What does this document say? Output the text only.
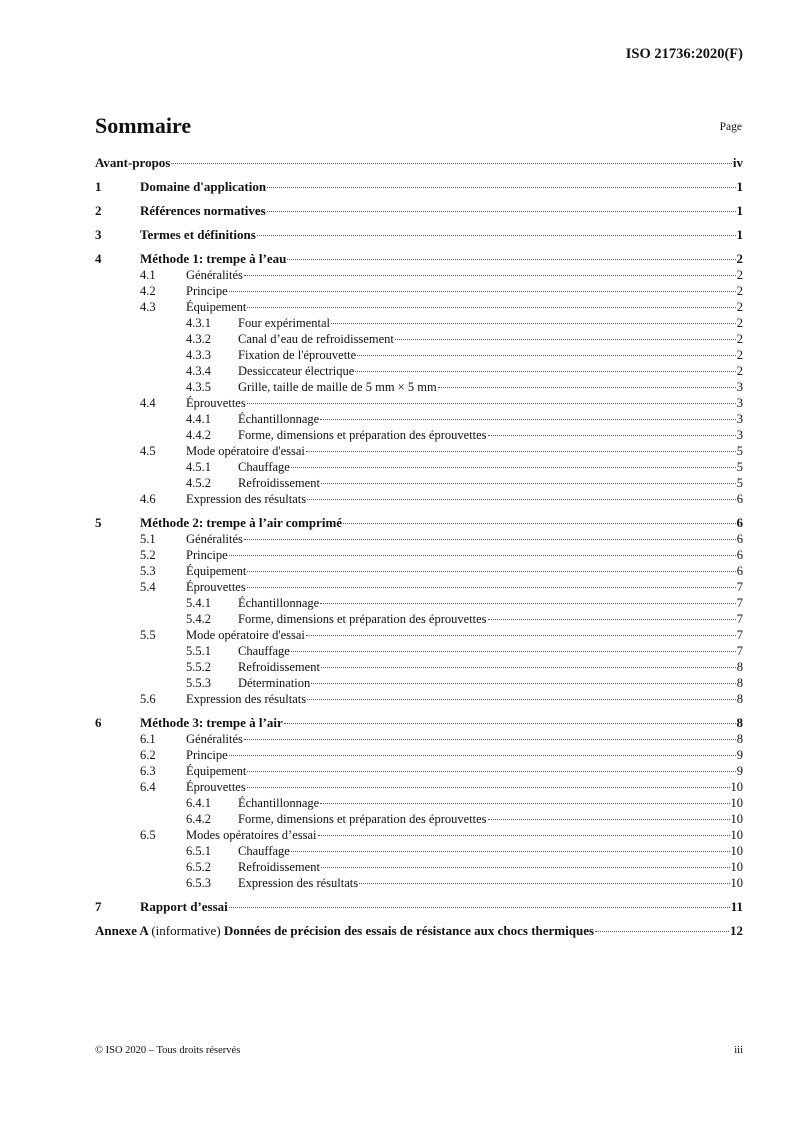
ISO 21736:2020(F)
Sommaire	Page
Avant-propos	iv
1	Domaine d'application	1
2	Références normatives	1
3	Termes et définitions	1
4	Méthode 1: trempe à l’eau	2
4.1	Généralités	2
4.2	Principe	2
4.3	Équipement	2
4.3.1	Four expérimental	2
4.3.2	Canal d’eau de refroidissement	2
4.3.3	Fixation de l'éprouvette	2
4.3.4	Dessiccateur électrique	2
4.3.5	Grille, taille de maille de 5 mm × 5 mm	3
4.4	Éprouvettes	3
4.4.1	Échantillonnage	3
4.4.2	Forme, dimensions et préparation des éprouvettes	3
4.5	Mode opératoire d'essai	5
4.5.1	Chauffage	5
4.5.2	Refroidissement	5
4.6	Expression des résultats	6
5	Méthode 2: trempe à l’air comprimé	6
5.1	Généralités	6
5.2	Principe	6
5.3	Équipement	6
5.4	Éprouvettes	7
5.4.1	Échantillonnage	7
5.4.2	Forme, dimensions et préparation des éprouvettes	7
5.5	Mode opératoire d'essai	7
5.5.1	Chauffage	7
5.5.2	Refroidissement	8
5.5.3	Détermination	8
5.6	Expression des résultats	8
6	Méthode 3: trempe à l’air	8
6.1	Généralités	8
6.2	Principe	9
6.3	Équipement	9
6.4	Éprouvettes	10
6.4.1	Échantillonnage	10
6.4.2	Forme, dimensions et préparation des éprouvettes	10
6.5	Modes opératoires d’essai	10
6.5.1	Chauffage	10
6.5.2	Refroidissement	10
6.5.3	Expression des résultats	10
7	Rapport d’essai	11
Annexe A (informative) Données de précision des essais de résistance aux chocs thermiques	12
© ISO 2020 – Tous droits réservés	iii
